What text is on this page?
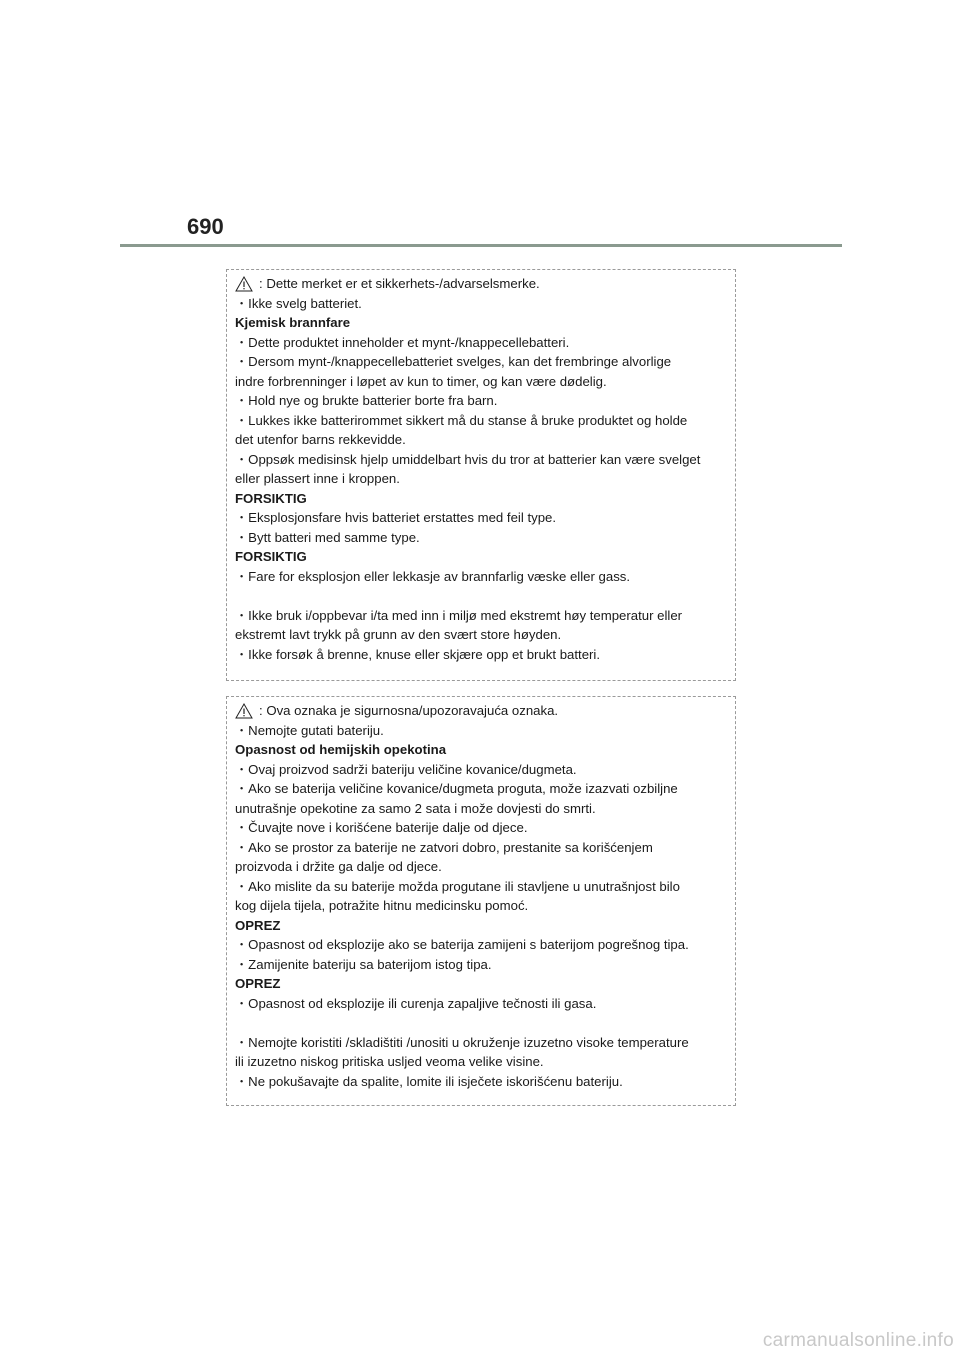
690
: Dette merket er et sikkerhets-/advarselsmerke.
・Ikke svelg batteriet.
Kjemisk brannfare
・Dette produktet inneholder et mynt-/knappecellebatteri.
・Dersom mynt-/knappecellebatteriet svelges, kan det frembringe alvorlige
indre forbrenninger i løpet av kun to timer, og kan være dødelig.
・Hold nye og brukte batterier borte fra barn.
・Lukkes ikke batterirommet sikkert må du stanse å bruke produktet og holde
det utenfor barns rekkevidde.
・Oppsøk medisinsk hjelp umiddelbart hvis du tror at batterier kan være svelget
eller plassert inne i kroppen.
FORSIKTIG
・Eksplosjonsfare hvis batteriet erstattes med feil type.
・Bytt batteri med samme type.
FORSIKTIG
・Fare for eksplosjon eller lekkasje av brannfarlig væske eller gass.
・Ikke bruk i/oppbevar i/ta med inn i miljø med ekstremt høy temperatur eller
ekstremt lavt trykk på grunn av den svært store høyden.
・Ikke forsøk å brenne, knuse eller skjære opp et brukt batteri.
: Ova oznaka je sigurnosna/upozoravajuća oznaka.
・Nemojte gutati bateriju.
Opasnost od hemijskih opekotina
・Ovaj proizvod sadrži bateriju veličine kovanice/dugmeta.
・Ako se baterija veličine kovanice/dugmeta proguta, može izazvati ozbiljne
unutrašnje opekotine za samo 2 sata i može dovjesti do smrti.
・Čuvajte nove i korišćene baterije dalje od djece.
・Ako se prostor za baterije ne zatvori dobro, prestanite sa korišćenjem
proizvoda i držite ga dalje od djece.
・Ako mislite da su baterije možda progutane ili stavljene u unutrašnjost bilo
kog dijela tijela, potražite hitnu medicinsku pomoć.
OPREZ
・Opasnost od eksplozije ako se baterija zamijeni s baterijom pogrešnog tipa.
・Zamijenite bateriju sa baterijom istog tipa.
OPREZ
・Opasnost od eksplozije ili curenja zapaljive tečnosti ili gasa.
・Nemojte koristiti /skladištiti /unositi u okruženje izuzetno visoke temperature
ili izuzetno niskog pritiska usljed veoma velike visine.
・Ne pokušavajte da spalite, lomite ili isječete iskorišćenu bateriju.
carmanualsonline.info
